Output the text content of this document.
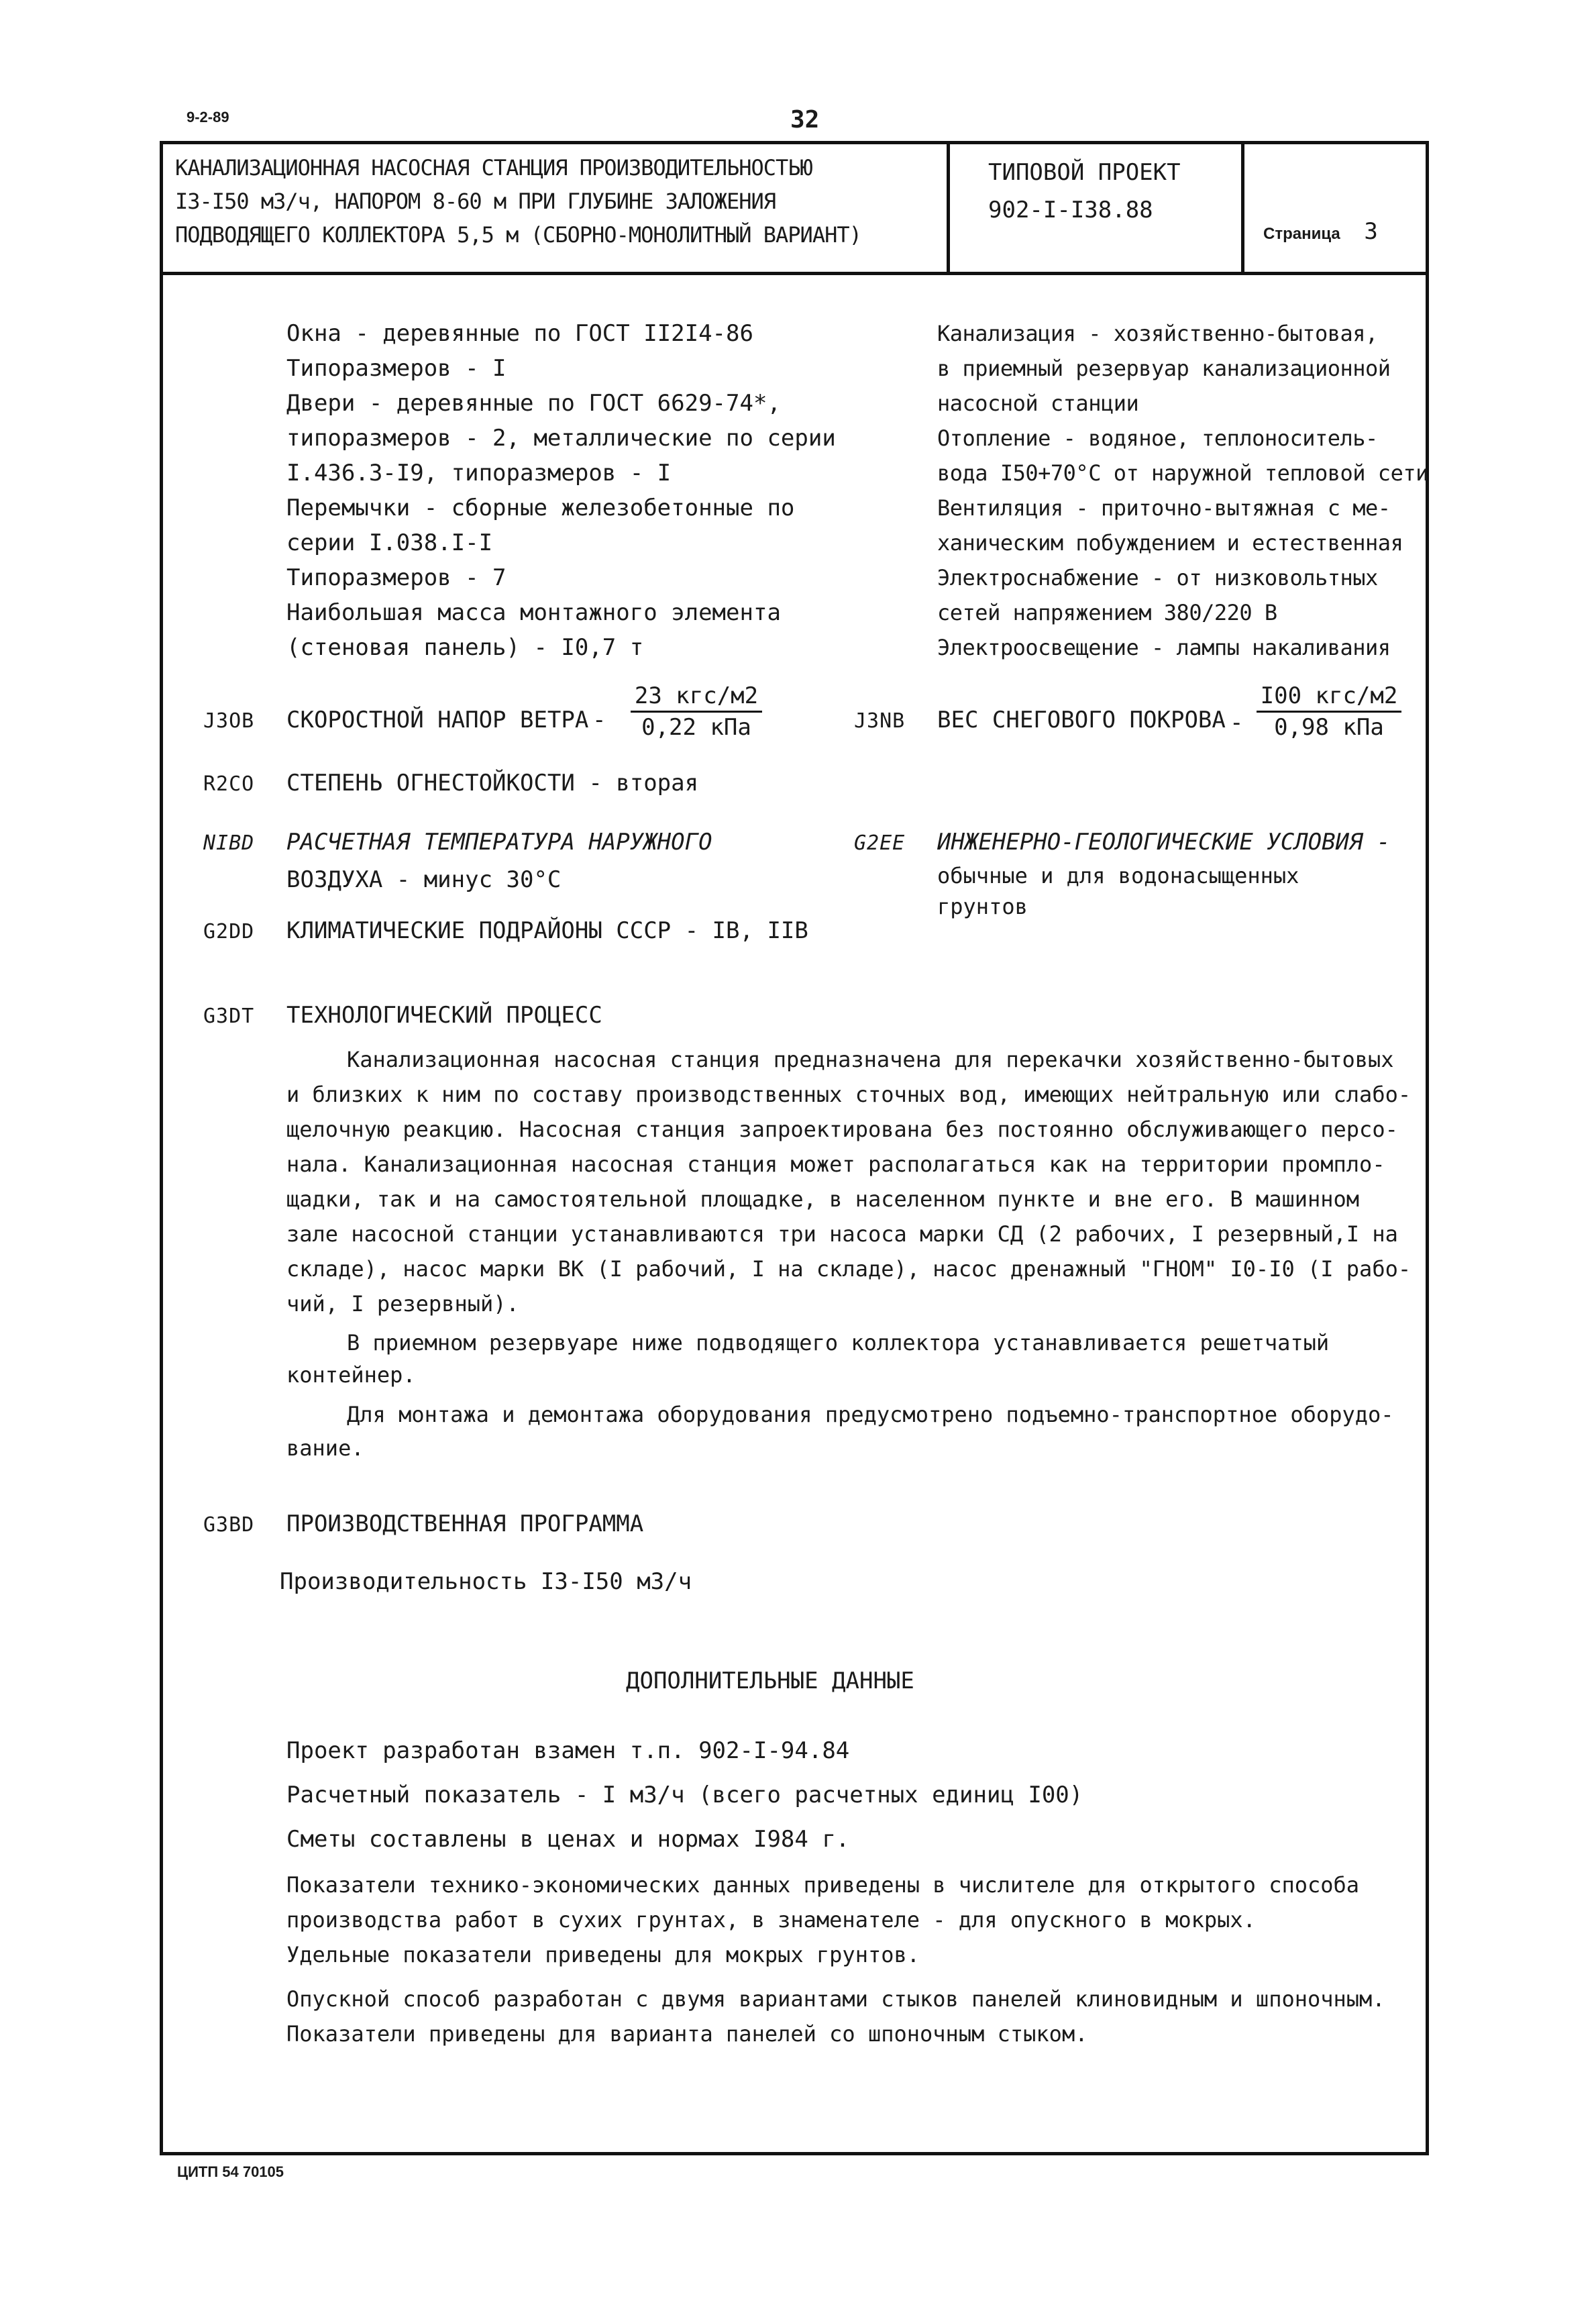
9-2-89	32
КАНАЛИЗАЦИОННАЯ НАСОСНАЯ СТАНЦИЯ ПРОИЗВОДИТЕЛЬНОСТЬЮ
I3-I50 м3/ч, НАПОРОМ 8-60 м ПРИ ГЛУБИНЕ ЗАЛОЖЕНИЯ
ПОДВОДЯЩЕГО КОЛЛЕКТОРА 5,5 м (СБОРНО-МОНОЛИТНЫЙ ВАРИАНТ)
ТИПОВОЙ ПРОЕКТ
902-I-I38.88
Страница 3
Окна - деревянные по ГОСТ II2I4-86
Типоразмеров - I
Двери - деревянные по ГОСТ 6629-74*,
типоразмеров - 2, металлические по серии
I.436.3-I9, типоразмеров - I
Перемычки - сборные железобетонные по
серии I.038.I-I
Типоразмеров - 7
Наибольшая масса монтажного элемента
(стеновая панель) - I0,7 т
Канализация - хозяйственно-бытовая,
в приемный резервуар канализационной
насосной станции
Отопление - водяное, теплоноситель-
вода I50+70°C от наружной тепловой сети
Вентиляция - приточно-вытяжная с ме-
ханическим побуждением и естественная
Электроснабжение - от низковольтных
сетей напряжением 380/220 В
Электроосвещение - лампы накаливания
J3OB СКОРОСТНОЙ НАПОР ВЕТРА -
23 кгс/м2
0,22 кПа	J3NB ВЕС СНЕГОВОГО ПОКРОВА -
I00 кгс/м2
0,98 кПа
R2CO СТЕПЕНЬ ОГНЕСТОЙКОСТИ - вторая
NIBD РАСЧЕТНАЯ ТЕМПЕРАТУРА НАРУЖНОГО
ВОЗДУХА - минус 30°C
G2EE ИНЖЕНЕРНО-ГЕОЛОГИЧЕСКИЕ УСЛОВИЯ -
обычные и для водонасыщенных
грунтов
G2DD КЛИМАТИЧЕСКИЕ ПОДРАЙОНЫ СССР - IB, IIB
G3DT ТЕХНОЛОГИЧЕСКИЙ ПРОЦЕСС
Канализационная насосная станция предназначена для перекачки хозяйственно-бытовых
и близких к ним по составу производственных сточных вод, имеющих нейтральную или слабо-
щелочную реакцию. Насосная станция запроектирована без постоянно обслуживающего персо-
нала. Канализационная насосная станция может располагаться как на территории промпло-
щадки, так и на самостоятельной площадке, в населенном пункте и вне его. В машинном
зале насосной станции устанавливаются три насоса марки СД (2 рабочих, I резервный,I на
складе), насос марки ВК (I рабочий, I на складе), насос дренажный "ГНОМ" I0-I0 (I рабо-
чий, I резервный).
В приемном резервуаре ниже подводящего коллектора устанавливается решетчатый
контейнер.
Для монтажа и демонтажа оборудования предусмотрено подъемно-транспортное оборудо-
вание.
G3BD ПРОИЗВОДСТВЕННАЯ ПРОГРАММА
Производительность I3-I50 м3/ч
ДОПОЛНИТЕЛЬНЫЕ ДАННЫЕ
Проект разработан взамен т.п. 902-I-94.84
Расчетный показатель - I м3/ч (всего расчетных единиц I00)
Сметы составлены в ценах и нормах I984 г.
Показатели технико-экономических данных приведены в числителе для открытого способа
производства работ в сухих грунтах, в знаменателе - для опускного в мокрых.
Удельные показатели приведены для мокрых грунтов.
Опускной способ разработан с двумя вариантами стыков панелей клиновидным и шпоночным.
Показатели приведены для варианта панелей со шпоночным стыком.
ЦИТП 54 70105
